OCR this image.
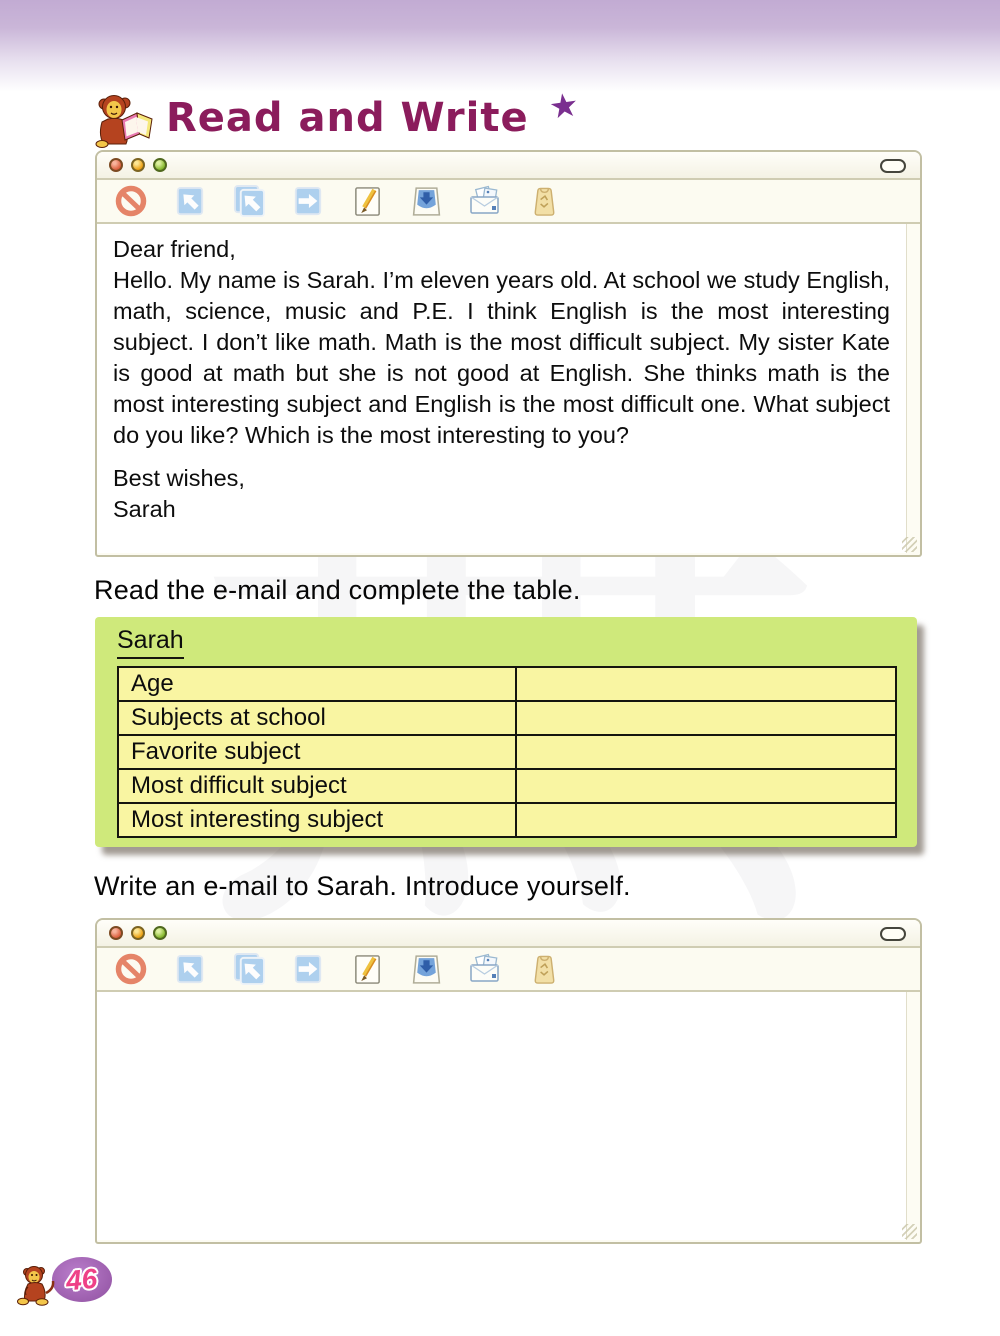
Read and Write ★
Dear friend,
Hello. My name is Sarah. I’m eleven years old. At school we study English, math, science, music and P.E. I think English is the most interesting subject. I don’t like math. Math is the most difficult subject. My sister Kate is good at math but she is not good at English. She thinks math is the most interesting subject and English is the most difficult one. What subject do you like? Which is the most interesting to you?
Best wishes,
Sarah
Read the e-mail and complete the table.
Sarah
Age	
Subjects at school	
Favorite subject	
Most difficult subject	
Most interesting subject	
Write an e-mail to Sarah. Introduce yourself.
46
